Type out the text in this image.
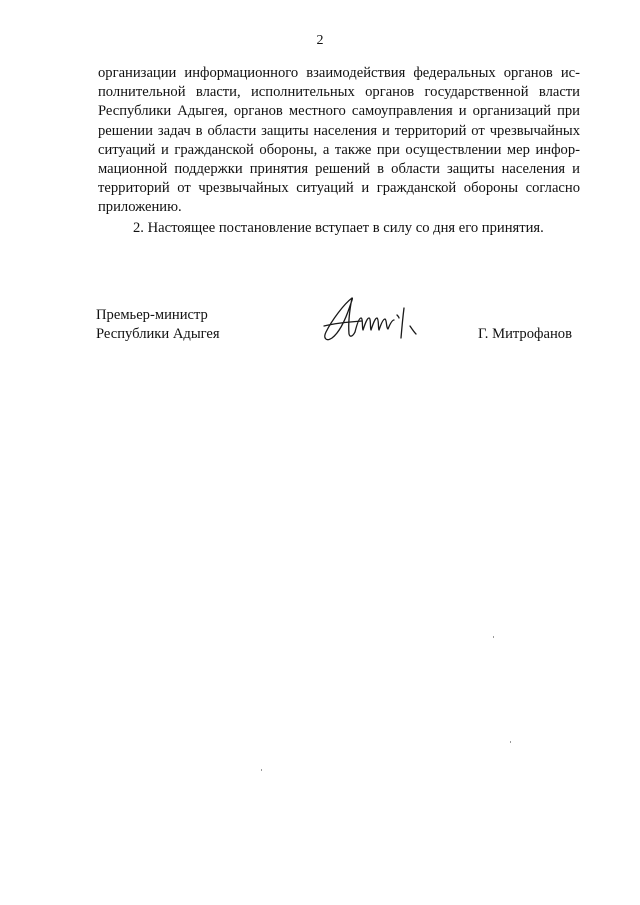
2
организации информационного взаимодействия федеральных органов ис-
полнительной власти, исполнительных органов государственной власти
Республики Адыгея, органов местного самоуправления и организаций при
решении задач в области защиты населения и территорий от чрезвычайных
ситуаций и гражданской обороны, а также при осуществлении мер инфор-
мационной поддержки принятия решений в области защиты населения и
территорий от чрезвычайных ситуаций и гражданской обороны согласно
приложению.
2. Настоящее постановление вступает в силу со дня его принятия.
Премьер-министр
Республики Адыгея	Г. Митрофанов
